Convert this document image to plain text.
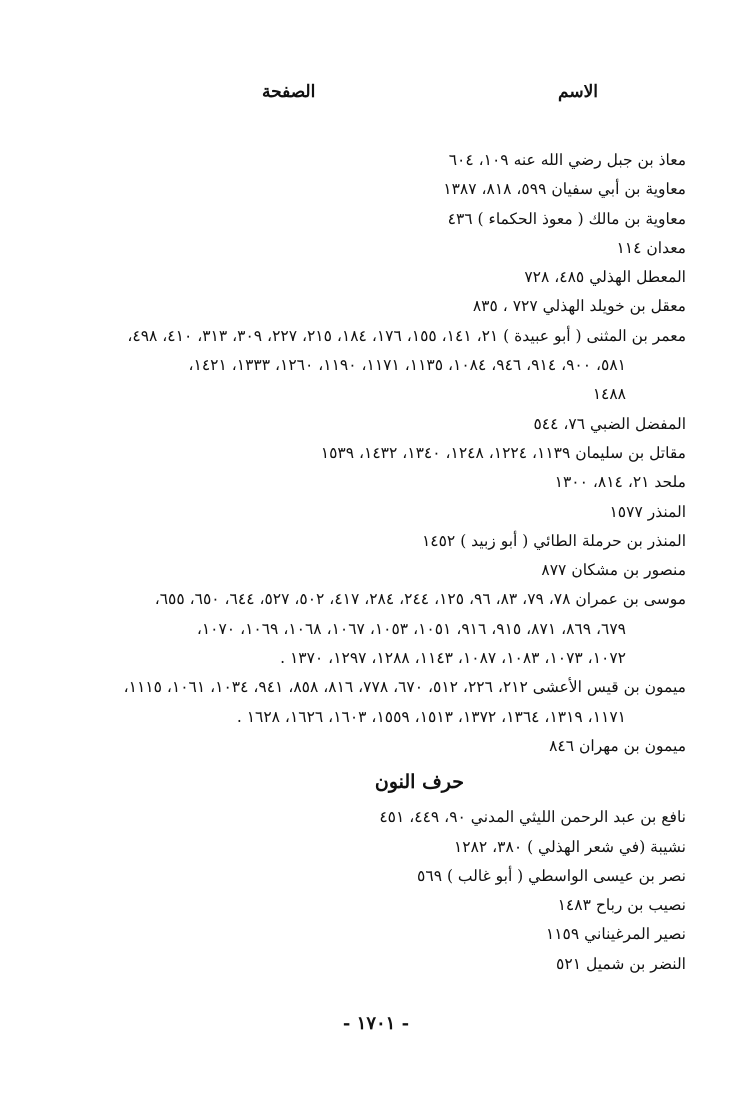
الاسم
الصفحة
معاذ بن جبل رضي الله عنه ١٠٩، ٦٠٤
معاوية بن أبي سفيان ٥٩٩، ٨١٨، ١٣٨٧
معاوية بن مالك ( معوذ الحكماء ) ٤٣٦
معدان ١١٤
المعطل الهذلي ٤٨٥، ٧٢٨
معقل بن خويلد الهذلي ٧٢٧ ، ٨٣٥
معمر بن المثنى ( أبو عبيدة ) ٢١، ١٤١، ١٥٥، ١٧٦، ١٨٤، ٢١٥، ٢٢٧، ٣٠٩، ٣١٣، ٤١٠، ٤٩٨،
٥٨١، ٩٠٠، ٩١٤، ٩٤٦، ١٠٨٤، ١١٣٥، ١١٧١، ١١٩٠، ١٢٦٠، ١٣٣٣، ١٤٢١،
١٤٨٨
المفضل الضبي ٧٦، ٥٤٤
مقاتل بن سليمان ١١٣٩، ١٢٢٤، ١٢٤٨، ١٣٤٠، ١٤٣٢، ١٥٣٩
ملحد ٢١، ٨١٤، ١٣٠٠
المنذر ١٥٧٧
المنذر بن حرملة الطائي ( أبو زبيد ) ١٤٥٢
منصور بن مشكان ٨٧٧
موسى بن عمران ٧٨، ٧٩، ٨٣، ٩٦، ١٢٥، ٢٤٤، ٢٨٤، ٤١٧، ٥٠٢، ٥٢٧، ٦٤٤، ٦٥٠، ٦٥٥،
٦٧٩، ٨٦٩، ٨٧١، ٩١٥، ٩١٦، ١٠٥١، ١٠٥٣، ١٠٦٧، ١٠٦٨، ١٠٦٩، ١٠٧٠،
١٠٧٢، ١٠٧٣، ١٠٨٣، ١٠٨٧، ١١٤٣، ١٢٨٨، ١٢٩٧، ١٣٧٠ .
ميمون بن قيس الأعشى ٢١٢، ٢٢٦، ٥١٢، ٦٧٠، ٧٧٨، ٨١٦، ٨٥٨، ٩٤١، ١٠٣٤، ١٠٦١، ١١١٥،
١١٧١، ١٣١٩، ١٣٦٤، ١٣٧٢، ١٥١٣، ١٥٥٩، ١٦٠٣، ١٦٢٦، ١٦٢٨ .
ميمون بن مهران ٨٤٦
حرف النون
نافع بن عبد الرحمن الليثي المدني ٩٠، ٤٤٩، ٤٥١
نشيبة (في شعر الهذلي ) ٣٨٠، ١٢٨٢
نصر بن عيسى الواسطي ( أبو غالب ) ٥٦٩
نصيب بن رباح ١٤٨٣
نصير المرغيناني ١١٥٩
النضر بن شميل ٥٢١
- ١٧٠١ -
